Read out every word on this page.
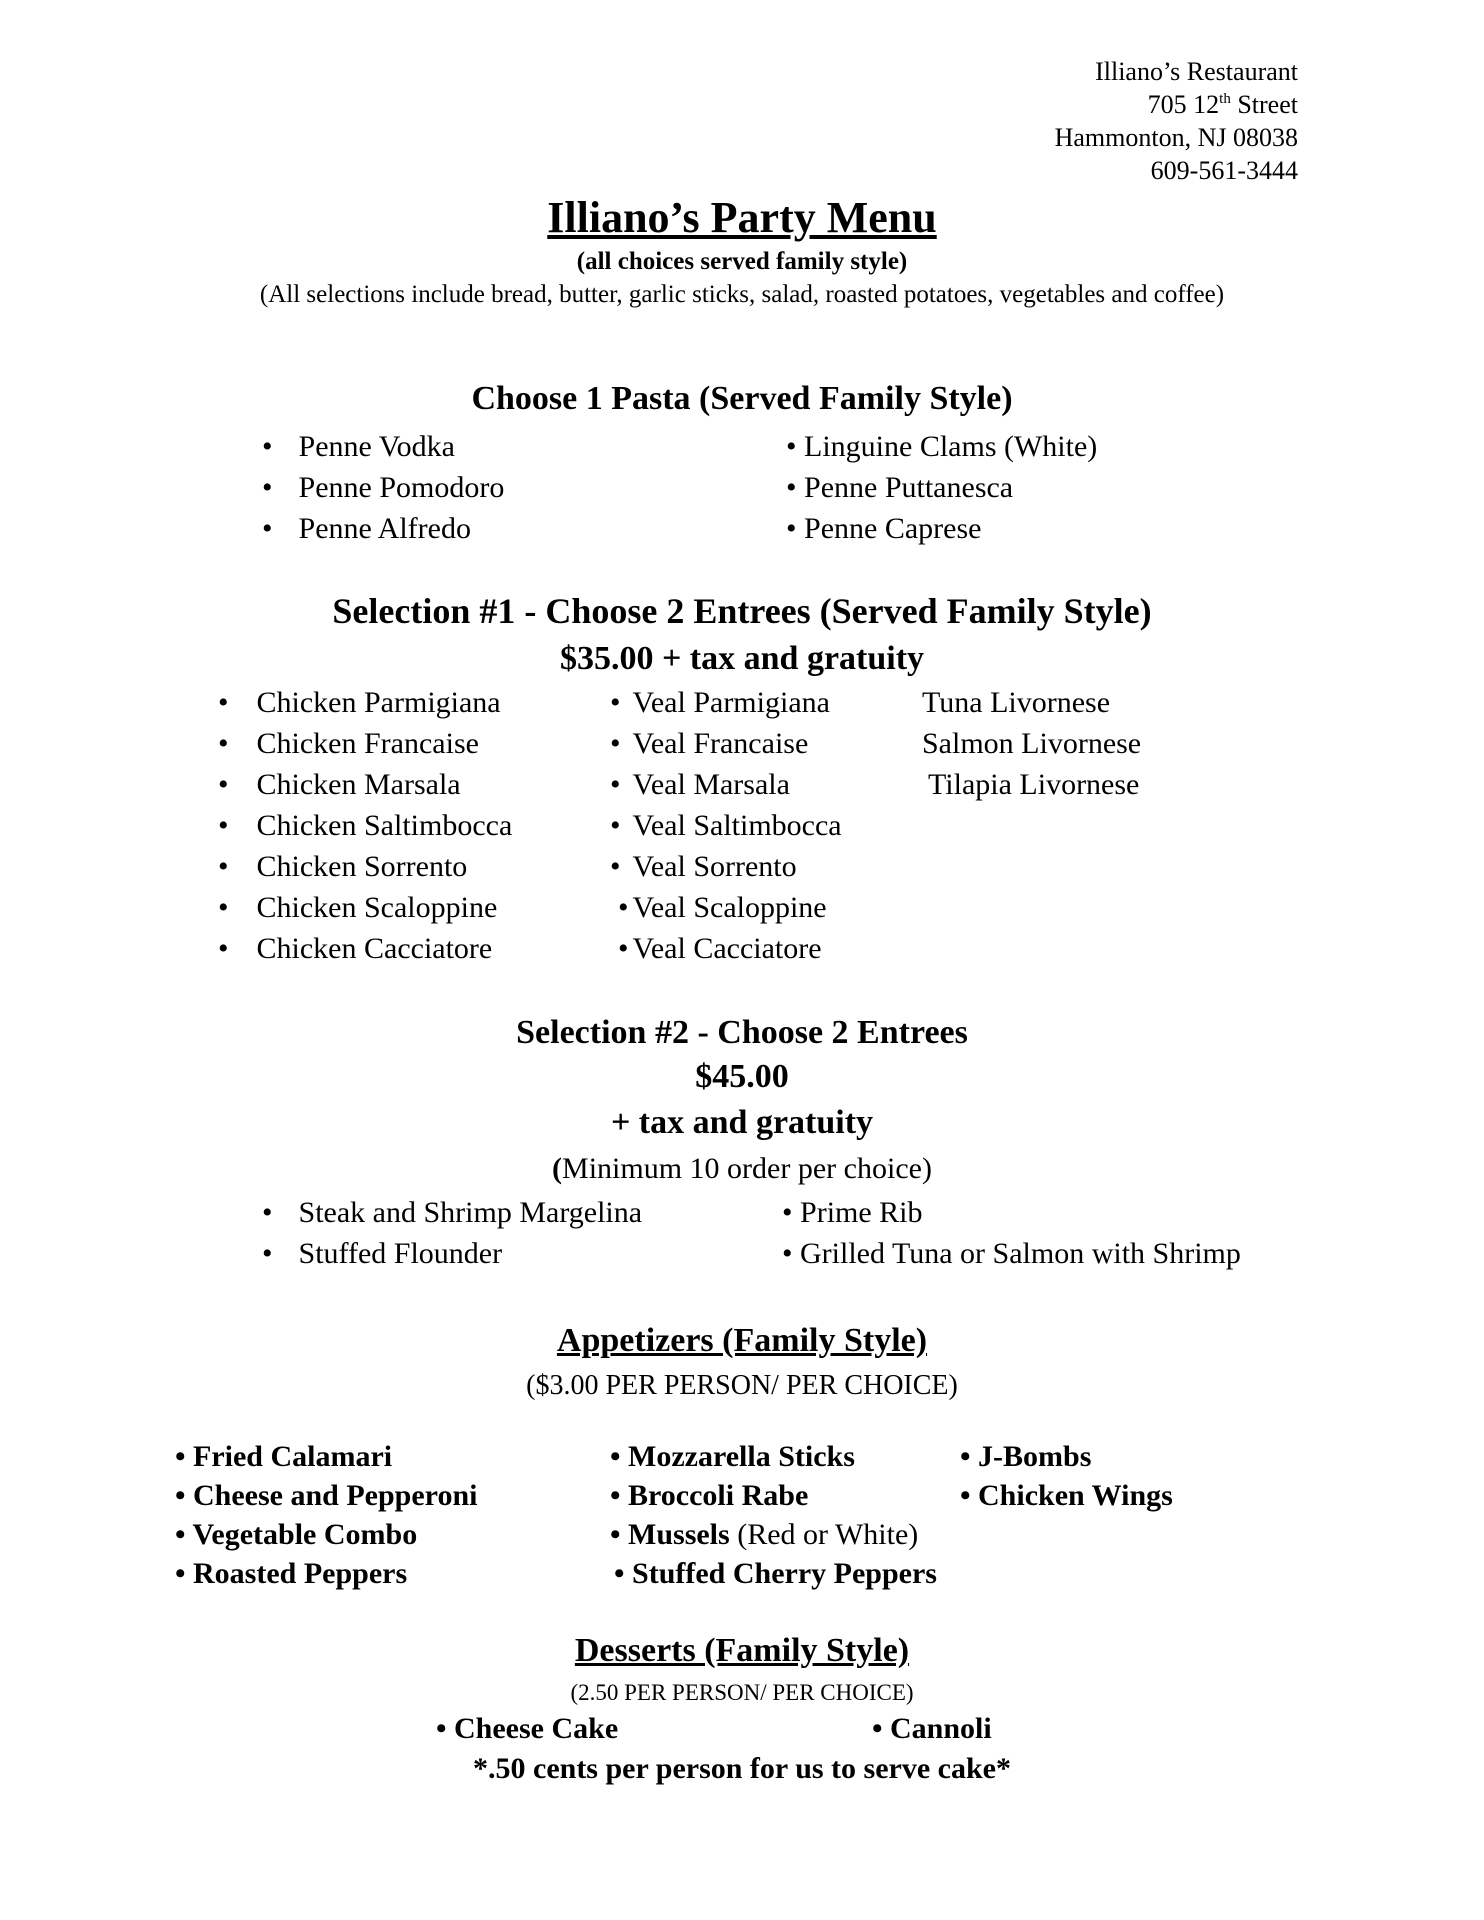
Illiano’s Restaurant
705 12th Street
Hammonton, NJ 08038
609-561-3444
Illiano’s Party Menu
(all choices served family style)
(All selections include bread, butter, garlic sticks, salad, roasted potatoes, vegetables and coffee)
Choose 1 Pasta (Served Family Style)
• Penne Vodka
• Penne Pomodoro
• Penne Alfredo
• Linguine Clams (White)
• Penne Puttanesca
• Penne Caprese
Selection #1 - Choose 2 Entrees (Served Family Style)
$35.00 + tax and gratuity
• Chicken Parmigiana
• Chicken Francaise
• Chicken Marsala
• Chicken Saltimbocca
• Chicken Sorrento
• Chicken Scaloppine
• Chicken Cacciatore
• Veal Parmigiana
• Veal Francaise
• Veal Marsala
• Veal Saltimbocca
• Veal Sorrento
• Veal Scaloppine
• Veal Cacciatore
Tuna Livornese
Salmon Livornese
Tilapia Livornese
Selection #2 - Choose 2 Entrees
$45.00
+ tax and gratuity
(Minimum 10 order per choice)
• Steak and Shrimp Margelina
• Stuffed Flounder
• Prime Rib
• Grilled Tuna or Salmon with Shrimp
Appetizers (Family Style)
($3.00 PER PERSON/ PER CHOICE)
• Fried Calamari
• Cheese and Pepperoni
• Vegetable Combo
• Roasted Peppers
• Mozzarella Sticks
• Broccoli Rabe
• Mussels (Red or White)
• Stuffed Cherry Peppers
• J-Bombs
• Chicken Wings
Desserts (Family Style)
(2.50 PER PERSON/ PER CHOICE)
• Cheese Cake	• Cannoli
*.50 cents per person for us to serve cake*
